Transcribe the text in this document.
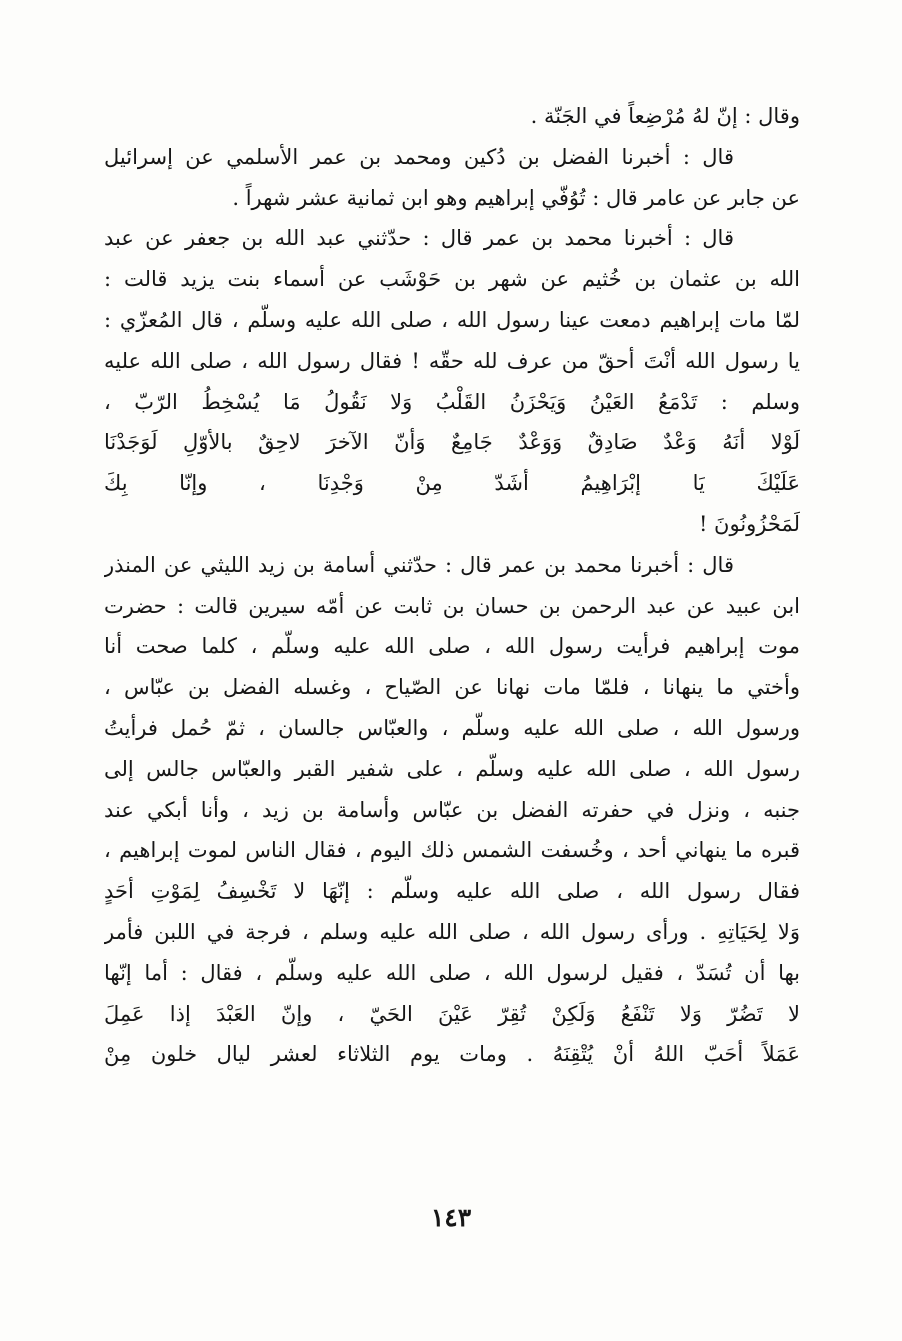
وقال : إنّ لهُ مُرْضِعاً في الجَنّة .
قال : أخبرنا الفضل بن دُكين ومحمد بن عمر الأسلمي عن إسرائيل
عن جابر عن عامر قال : تُوُفّي إبراهيم وهو ابن ثمانية عشر شهراً .
قال : أخبرنا محمد بن عمر قال : حدّثني عبد الله بن جعفر عن عبد
الله بن عثمان بن خُثيم عن شهر بن حَوْشَب عن أسماء بنت يزيد قالت :
لمّا مات إبراهيم دمعت عينا رسول الله ، صلى الله عليه وسلّم ، قال المُعزّي :
يا رسول الله أنْتَ أحقّ من عرف لله حقّه ! فقال رسول الله ، صلى الله عليه
وسلم : تَدْمَعُ العَيْنُ وَيَحْزَنُ القَلْبُ وَلا نَقُولُ مَا يُسْخِطُ الرّبّ ،
لَوْلا أنَهُ وَعْدٌ صَادِقٌ وَوَعْدٌ جَامِعٌ وَأنّ الآخرَ لاحِقٌ بالأوّلِ لَوَجَدْنَا
عَلَيْكَ يَا إبْرَاهِيمُ أشَدّ مِنْ وَجْدِنَا ، وإنّا بِكَ
لَمَحْزُونُونَ !
قال : أخبرنا محمد بن عمر قال : حدّثني أسامة بن زيد الليثي عن المنذر
ابن عبيد عن عبد الرحمن بن حسان بن ثابت عن أمّه سيرين قالت : حضرت
موت إبراهيم فرأيت رسول الله ، صلى الله عليه وسلّم ، كلما صحت أنا
وأختي ما ينهانا ، فلمّا مات نهانا عن الصّياح ، وغسله الفضل بن عبّاس ،
ورسول الله ، صلى الله عليه وسلّم ، والعبّاس جالسان ، ثمّ حُمل فرأيتُ
رسول الله ، صلى الله عليه وسلّم ، على شفير القبر والعبّاس جالس إلى
جنبه ، ونزل في حفرته الفضل بن عبّاس وأسامة بن زيد ، وأنا أبكي عند
قبره ما ينهاني أحد ، وخُسفت الشمس ذلك اليوم ، فقال الناس لموت إبراهيم ،
فقال رسول الله ، صلى الله عليه وسلّم : إنّهَا لا تَخْسِفُ لِمَوْتِ أحَدٍ
وَلا لِحَيَاتِهِ . ورأى رسول الله ، صلى الله عليه وسلم ، فرجة في اللبن فأمر
بها أن تُسَدّ ، فقيل لرسول الله ، صلى الله عليه وسلّم ، فقال : أما إنّها
لا تَضُرّ وَلا تَنْفَعُ وَلَكِنْ تُقِرّ عَيْنَ الحَيّ ، وإنّ العَبْدَ إذا عَمِلَ
عَمَلاً أحَبّ اللهُ أنْ يُتْقِنَهُ . ومات يوم الثلاثاء لعشر ليال خلون مِنْ
١٤٣
